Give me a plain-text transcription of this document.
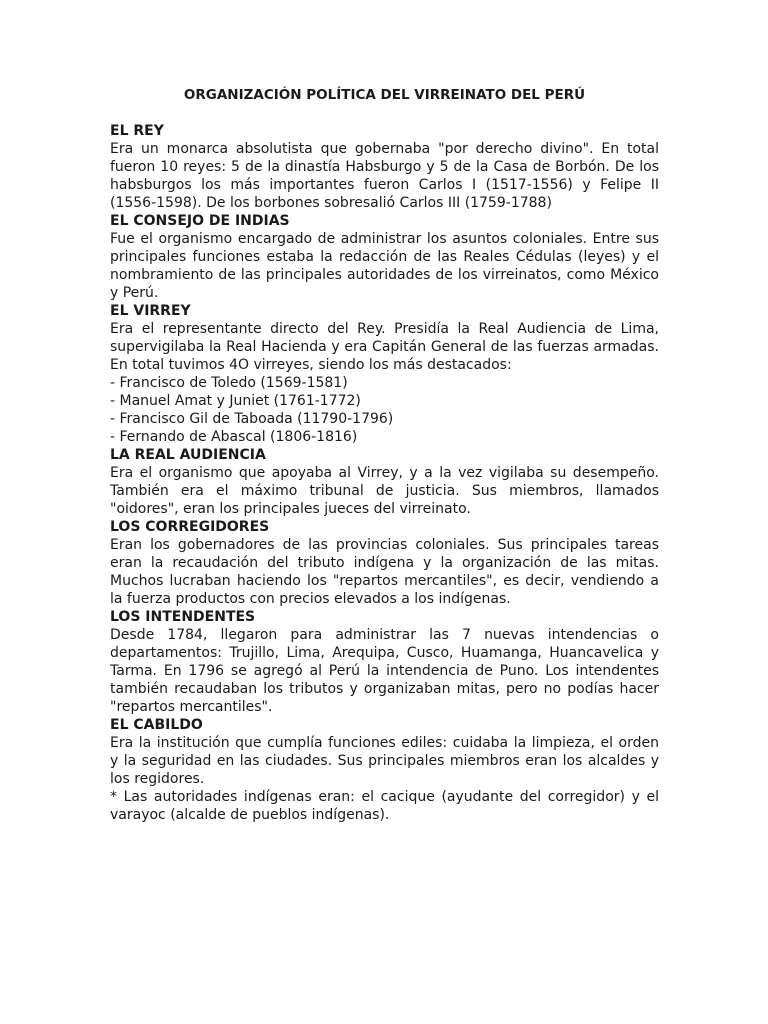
ORGANIZACIÓN POLÍTICA DEL VIRREINATO DEL PERÚ
EL REY

Era un monarca absolutista que gobernaba "por derecho divino". En total fueron 10 reyes: 5 de la dinastía Habsburgo y 5 de la Casa de Borbón. De los habsburgos los más importantes fueron Carlos I (1517-1556) y Felipe II (1556-1598). De los borbones sobresalió Carlos III (1759-1788)

EL CONSEJO DE INDIAS

Fue el organismo encargado de administrar los asuntos coloniales. Entre sus principales funciones estaba la redacción de las Reales Cédulas (leyes) y el nombramiento de las principales autoridades de los virreinatos, como México y Perú.

EL VIRREY

Era el representante directo del Rey. Presidía la Real Audiencia de Lima, supervigilaba la Real Hacienda y era Capitán General de las fuerzas armadas. En total tuvimos 4O virreyes, siendo los más destacados:

- Francisco de Toledo (1569-1581)
- Manuel Amat y Juniet (1761-1772)
- Francisco Gil de Taboada (11790-1796)
- Fernando de Abascal (1806-1816)
LA REAL AUDIENCIA

Era el organismo que apoyaba al Virrey, y a la vez vigilaba su desempeño. También era el máximo tribunal de justicia. Sus miembros, llamados "oidores", eran los principales jueces del virreinato.

LOS CORREGIDORES

Eran los gobernadores de las provincias coloniales. Sus principales tareas eran la recaudación del tributo indígena y la organización de las mitas. Muchos lucraban haciendo los "repartos mercantiles", es decir, vendiendo a la fuerza productos con precios elevados a los indígenas.

LOS INTENDENTES

Desde 1784, llegaron para administrar las 7 nuevas intendencias o departamentos: Trujillo, Lima, Arequipa, Cusco, Huamanga, Huancavelica y Tarma. En 1796 se agregó al Perú la intendencia de Puno. Los intendentes también recaudaban los tributos y organizaban mitas, pero no podías hacer "repartos mercantiles".

EL CABILDO

Era la institución que cumplía funciones ediles: cuidaba la limpieza, el orden y la seguridad en las ciudades. Sus principales miembros eran los alcaldes y los regidores.

* Las autoridades indígenas eran: el cacique (ayudante del corregidor) y el varayoc (alcalde de pueblos indígenas).
